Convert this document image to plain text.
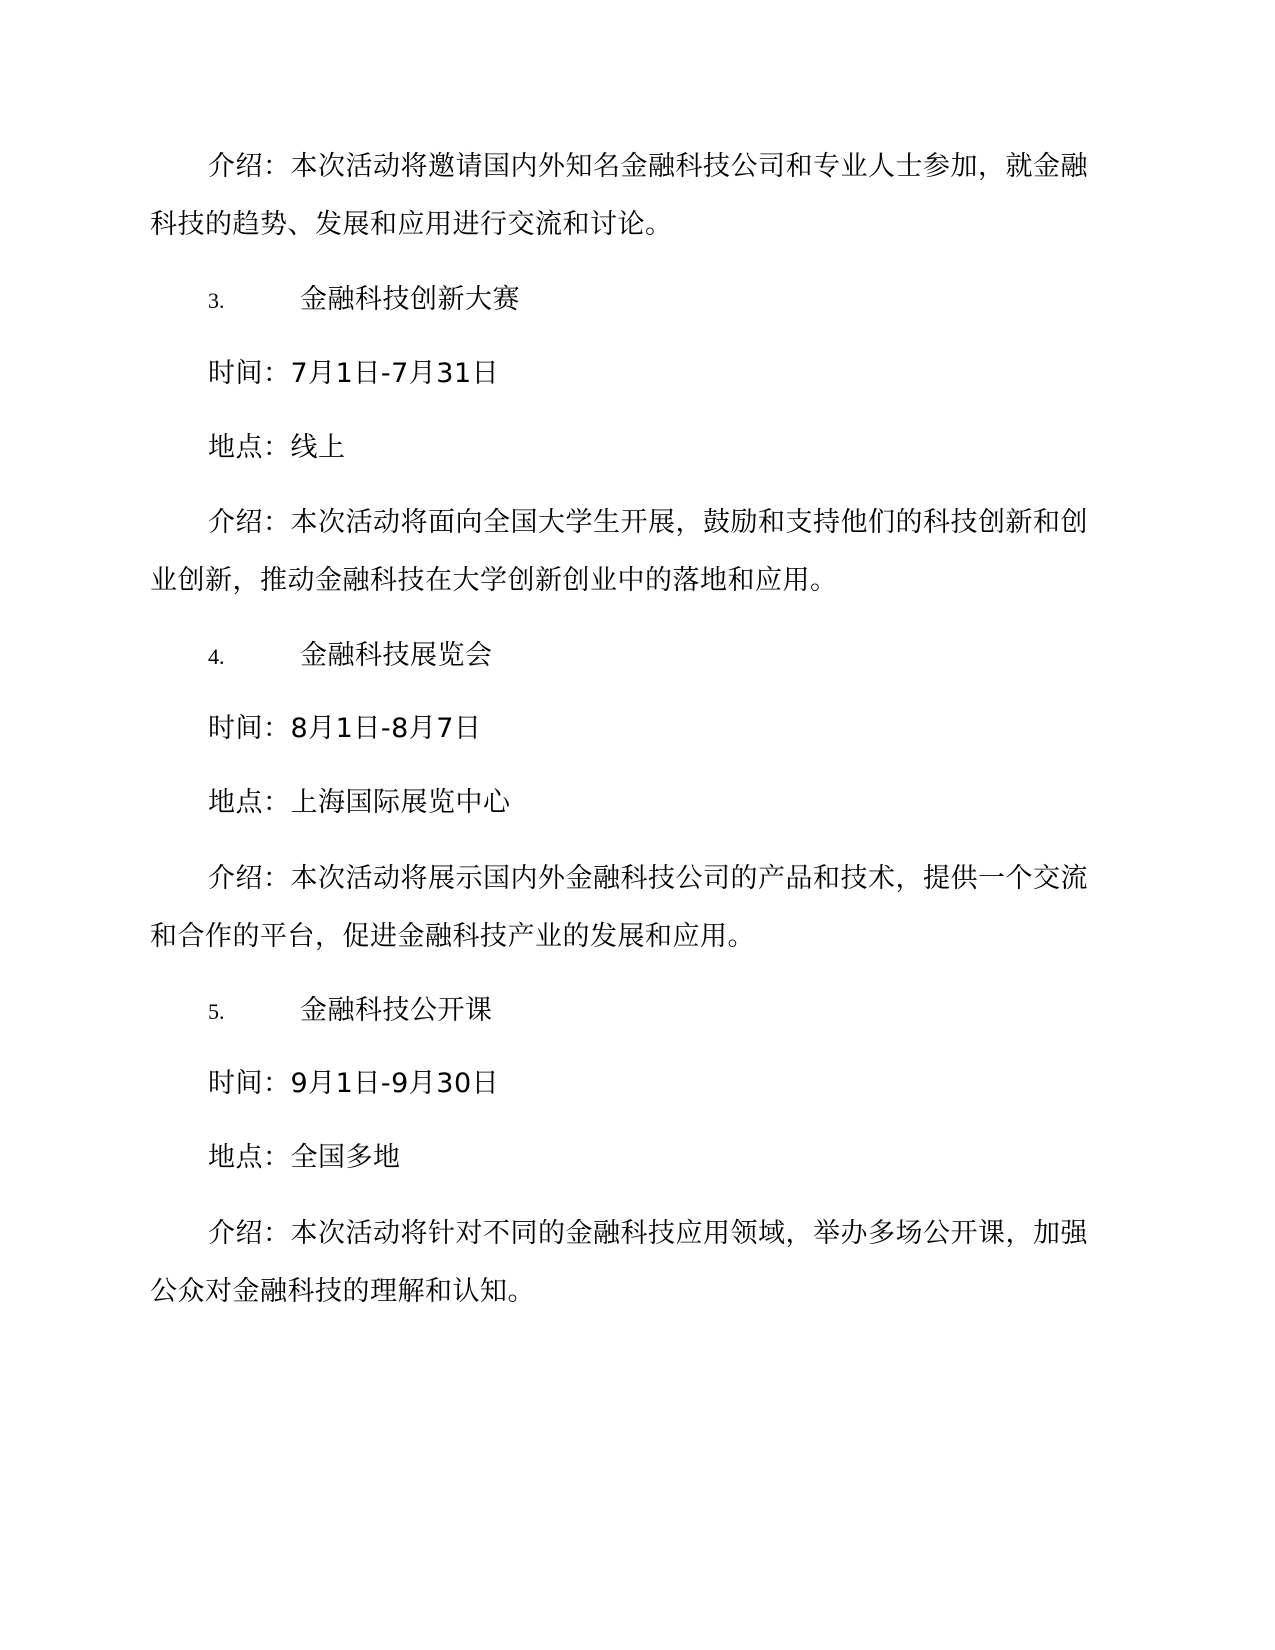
介绍：本次活动将邀请国内外知名金融科技公司和专业人士参加，就金融科技的趋势、发展和应用进行交流和讨论。
3.	金融科技创新大赛
时间：7月1日-7月31日
地点：线上
介绍：本次活动将面向全国大学生开展，鼓励和支持他们的科技创新和创业创新，推动金融科技在大学创新创业中的落地和应用。
4.	金融科技展览会
时间：8月1日-8月7日
地点：上海国际展览中心
介绍：本次活动将展示国内外金融科技公司的产品和技术，提供一个交流和合作的平台，促进金融科技产业的发展和应用。
5.	金融科技公开课
时间：9月1日-9月30日
地点：全国多地
介绍：本次活动将针对不同的金融科技应用领域，举办多场公开课，加强公众对金融科技的理解和认知。
